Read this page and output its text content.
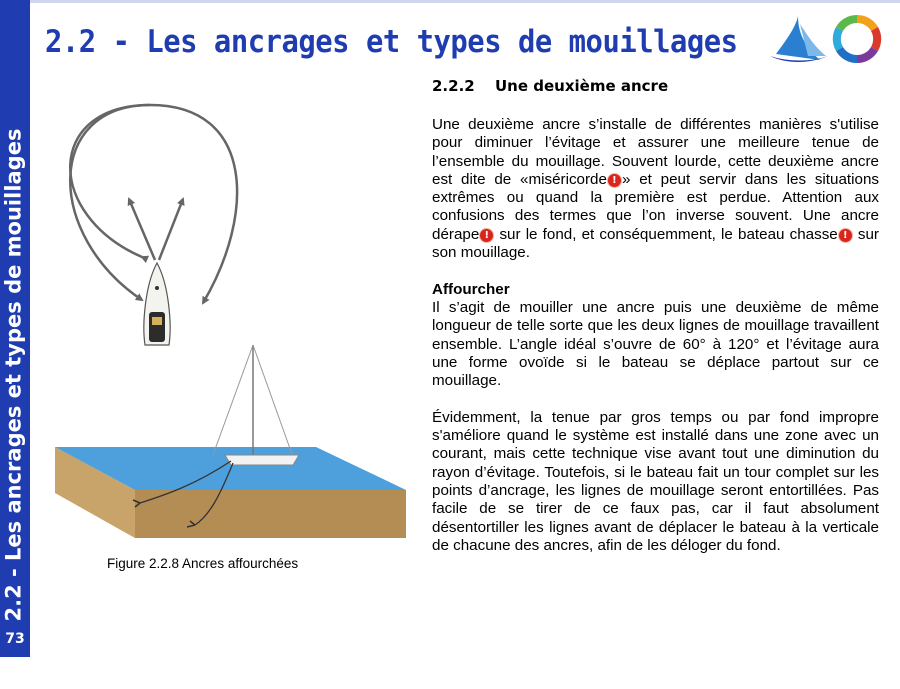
2.2 - Les ancrages et types de mouillages
73
2.2 - Les ancrages et types de mouillages
2.2.2 Une deuxième ancre

Une deuxième ancre s’installe de différentes manières s'utilise pour diminuer l’évitage et assurer une meilleure tenue de l’ensemble du mouillage. Souvent lourde, cette deuxième ancre est dite de «miséricorde ! » et peut servir dans les situations extrêmes ou quand la première est perdue. Attention aux confusions des termes que l’on inverse souvent. Une ancre dérape ! sur le fond, et conséquemment, le bateau chasse ! sur son mouillage.

Affourcher
Il s’agit de mouiller une ancre puis une deuxième de même longueur de telle sorte que les deux lignes de mouillage travaillent ensemble. L’angle idéal s’ouvre de 60° à 120° et l’évitage aura une forme ovoïde si le bateau se déplace partout sur ce mouillage.

Évidemment, la tenue par gros temps ou par fond impropre s'améliore quand le système est installé dans une zone avec un courant, mais cette technique vise avant tout une diminution du rayon d’évitage. Toutefois, si le bateau fait un tour complet sur les points d’ancrage, les lignes de mouillage seront entortillées. Pas facile de se tirer de ce faux pas, car il faut absolument désentortiller les lignes avant de déplacer le bateau à la verticale de chacune des ancres, afin de les déloger du fond.

Figure 2.2.8 Ancres affourchées
